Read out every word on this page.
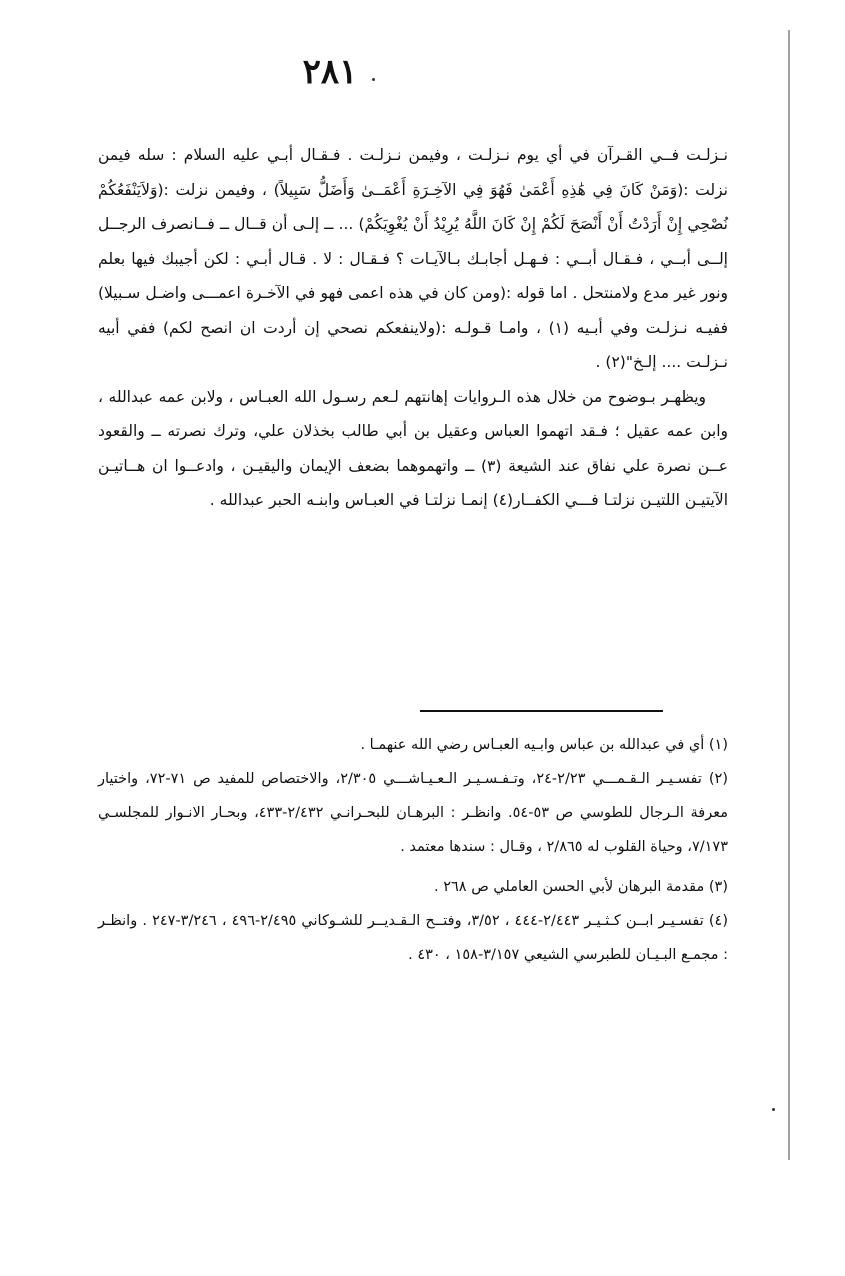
٢٨١

نـزلـت فــي القـرآن في أي يوم نـزلـت ، وفيمن نـزلـت . فـقـال أبـي عليه السلام : سله فيمن نزلت :(وَمَنْ كَانَ فِي هَٰذِهِ أَعْمَىٰ فَهُوَ فِي الآخِـرَةِ أَعْمَــىٰ وَأَضَلُّ سَبِيلاً) ، وفيمن نزلت :(وَلاَيَنْفَعُكُمْ نُصْحِي إِنْ أَرَدْتُ أَنْ أَنْصَحَ لَكُمْ إِنْ كَانَ اللَّهُ يُرِيْدُ أَنْ يُغْوِيَكُمْ) ... ــ إلـى أن قــال ــ فــانصرف الرجــل إلــى أبــي ، فـقـال أبــي : فـهـل أجابـك بـالآيـات ؟ فـقـال : لا . قـال أبـي : لكن أجيبك فيها بعلم ونور غير مدع ولامنتحل . اما قوله :(ومن كان في هذه اعمى فهو في الآخـرة اعمـــى واضـل سـبيلا) ففيـه نـزلـت وفي أبـيه (١) ، وامـا قـولـه :(ولاينفعكم نصحي إن أردت ان انصح لكم) ففي أبيه نـزلـت .... إلـخ"(٢) .

ويظهـر بـوضوح من خلال هذه الـروايات إهانتهم لـعم رسـول الله العبـاس ، ولابن عمه عبدالله ، وابن عمه عقيل ؛ فـقد اتهموا العباس وعقيل بن أبي طالب بخذلان علي، وترك نصرته ــ والقعود عــن نصرة علي نفاق عند الشيعة (٣) ــ واتهموهما بضعف الإيمان واليقيـن ، وادعــوا ان هــاتيـن الآيتيـن اللتيـن نزلتـا فـــي الكفــار(٤) إنمـا نزلتـا في العبـاس وابنـه الحبر عبدالله .

(١) أي في عبدالله بن عباس وابـيه العبـاس رضي الله عنهمـا .

(٢) تفسـيـر الـقـمـــي ٢/٢٣-٢٤، وتـفـسـيـر الـعـيـاشـــي ٢/٣٠٥، والاختصاص للمفيد ص ٧١-٧٢، واختيار معرفة الـرجال للطوسي ص ٥٣-٥٤. وانظـر : البرهـان للبحـرانـي ٢/٤٣٢-٤٣٣، وبحـار الانـوار للمجلسـي ٧/١٧٣، وحياة القلوب له ٢/٨٦٥ ، وقـال : سندها معتمد .

(٣) مقدمة البرهان لأبي الحسن العاملي ص ٢٦٨ .

(٤) تفسـيـر ابــن كـثـيـر ٢/٤٤٣-٤٤٤ ، ٣/٥٢، وفتــح الـقـديــر للشـوكاني ٢/٤٩٥-٤٩٦ ، ٣/٢٤٦-٢٤٧ . وانظـر : مجمـع البـيـان للطبرسي الشيعي ٣/١٥٧-١٥٨ ، ٤٣٠ .
